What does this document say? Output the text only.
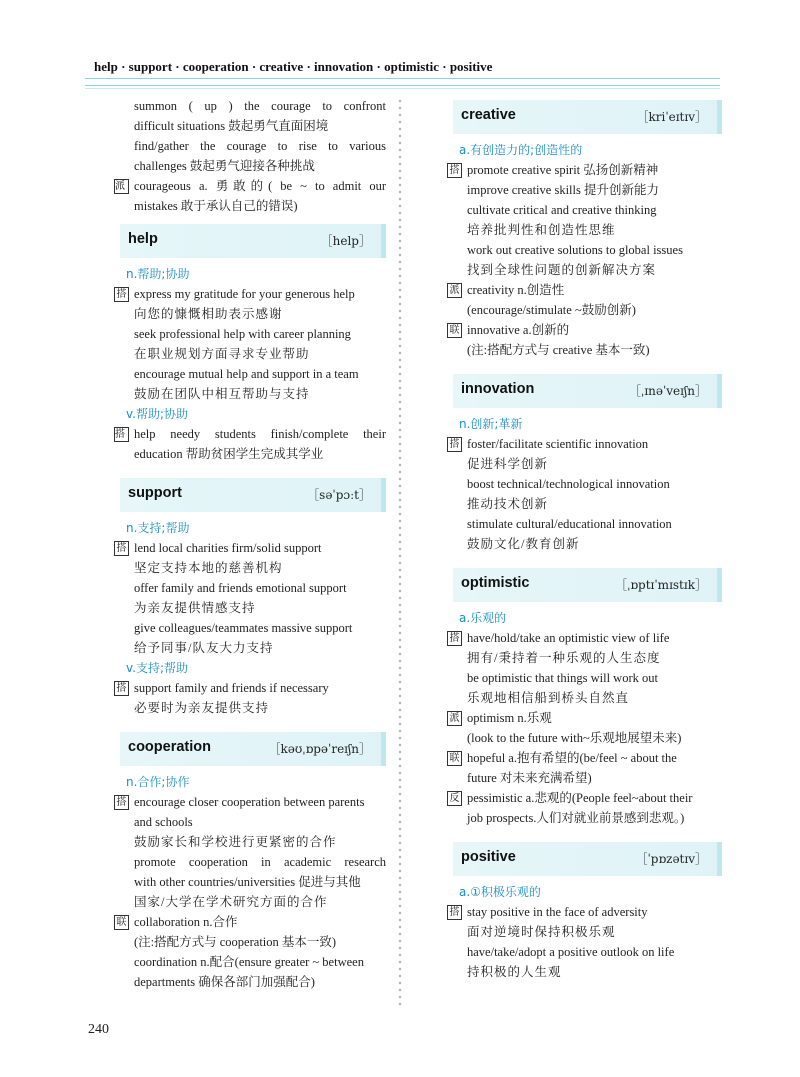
help · support · cooperation · creative · innovation · optimistic · positive
summon ( up ) the courage to confront
difficult situations 鼓起勇气直面困境
find/gather the courage to rise to various
challenges 鼓起勇气迎接各种挑战
派 courageous a. 勇敢的( be ~ to admit our
mistakes 敢于承认自己的错误)
help	［help］
n.帮助;协助
搭 express my gratitude for your generous help
向您的慷慨相助表示感谢
seek professional help with career planning
在职业规划方面寻求专业帮助
encourage mutual help and support in a team
鼓励在团队中相互帮助与支持
v.帮助;协助
搭 help needy students finish/complete their
education 帮助贫困学生完成其学业
support	［səˈpɔːt］
n.支持;帮助
搭 lend local charities firm/solid support
坚定支持本地的慈善机构
offer family and friends emotional support
为亲友提供情感支持
give colleagues/teammates massive support
给予同事/队友大力支持
v.支持;帮助
搭 support family and friends if necessary
必要时为亲友提供支持
cooperation	［kəʊˌɒpəˈreɪʃn］
n.合作;协作
搭 encourage closer cooperation between parents
and schools
鼓励家长和学校进行更紧密的合作
promote cooperation in academic research
with other countries/universities 促进与其他
国家/大学在学术研究方面的合作
联 collaboration n.合作
(注:搭配方式与 cooperation 基本一致)
coordination n.配合(ensure greater ~ between
departments 确保各部门加强配合)
creative	［kriˈeɪtɪv］
a.有创造力的;创造性的
搭 promote creative spirit 弘扬创新精神
improve creative skills 提升创新能力
cultivate critical and creative thinking
培养批判性和创造性思维
work out creative solutions to global issues
找到全球性问题的创新解决方案
派 creativity n.创造性
(encourage/stimulate ~鼓励创新)
联 innovative a.创新的
(注:搭配方式与 creative 基本一致)
innovation	［ˌɪnəˈveɪʃn］
n.创新;革新
搭 foster/facilitate scientific innovation
促进科学创新
boost technical/technological innovation
推动技术创新
stimulate cultural/educational innovation
鼓励文化/教育创新
optimistic	［ˌɒptɪˈmɪstɪk］
a.乐观的
搭 have/hold/take an optimistic view of life
拥有/秉持着一种乐观的人生态度
be optimistic that things will work out
乐观地相信船到桥头自然直
派 optimism n.乐观
(look to the future with~乐观地展望未来)
联 hopeful a.抱有希望的(be/feel ~ about the
future 对未来充满希望)
反 pessimistic a.悲观的(People feel~about their
job prospects.人们对就业前景感到悲观。)
positive	［ˈpɒzətɪv］
a.①积极乐观的
搭 stay positive in the face of adversity
面对逆境时保持积极乐观
have/take/adopt a positive outlook on life
持积极的人生观
240
